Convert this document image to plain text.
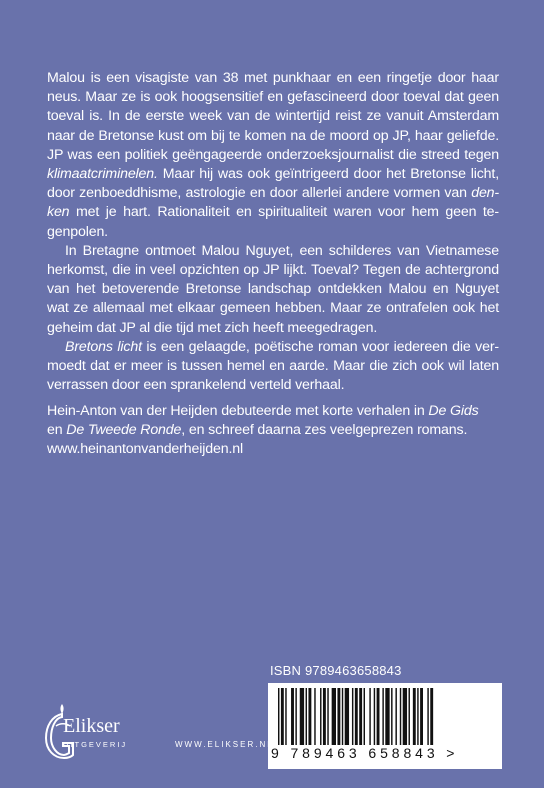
Malou is een visagiste van 38 met punkhaar en een ringetje door haar neus. Maar ze is ook hoogsensitief en gefascineerd door toeval dat geen toeval is. In de eerste week van de wintertijd reist ze vanuit Amsterdam naar de Bretonse kust om bij te komen na de moord op JP, haar geliefde. JP was een politiek geëngageerde onderzoeksjournalist die streed tegen klimaatcriminelen. Maar hij was ook geïntrigeerd door het Bretonse licht, door zenboeddhisme, astrologie en door allerlei andere vormen van den-ken met je hart. Rationaliteit en spiritualiteit waren voor hem geen te-genpolen.

In Bretagne ontmoet Malou Nguyet, een schilderes van Vietnamese herkomst, die in veel opzichten op JP lijkt. Toeval? Tegen de achtergrond van het betoverende Bretonse landschap ontdekken Malou en Nguyet wat ze allemaal met elkaar gemeen hebben. Maar ze ontrafelen ook het geheim dat JP al die tijd met zich heeft meegedragen.

Bretons licht is een gelaagde, poëtische roman voor iedereen die ver-moedt dat er meer is tussen hemel en aarde. Maar die zich ook wil laten verrassen door een sprankelend verteld verhaal.

Hein-Anton van der Heijden debuteerde met korte verhalen in De Gids

en De Tweede Ronde, en schreef daarna zes veelgeprezen romans.

www.heinantonvanderheijden.nl

ISBN 9789463658843
9 789463 658843 >
Elikser
UITGEVERIJ	WWW.ELIKSER.NL
